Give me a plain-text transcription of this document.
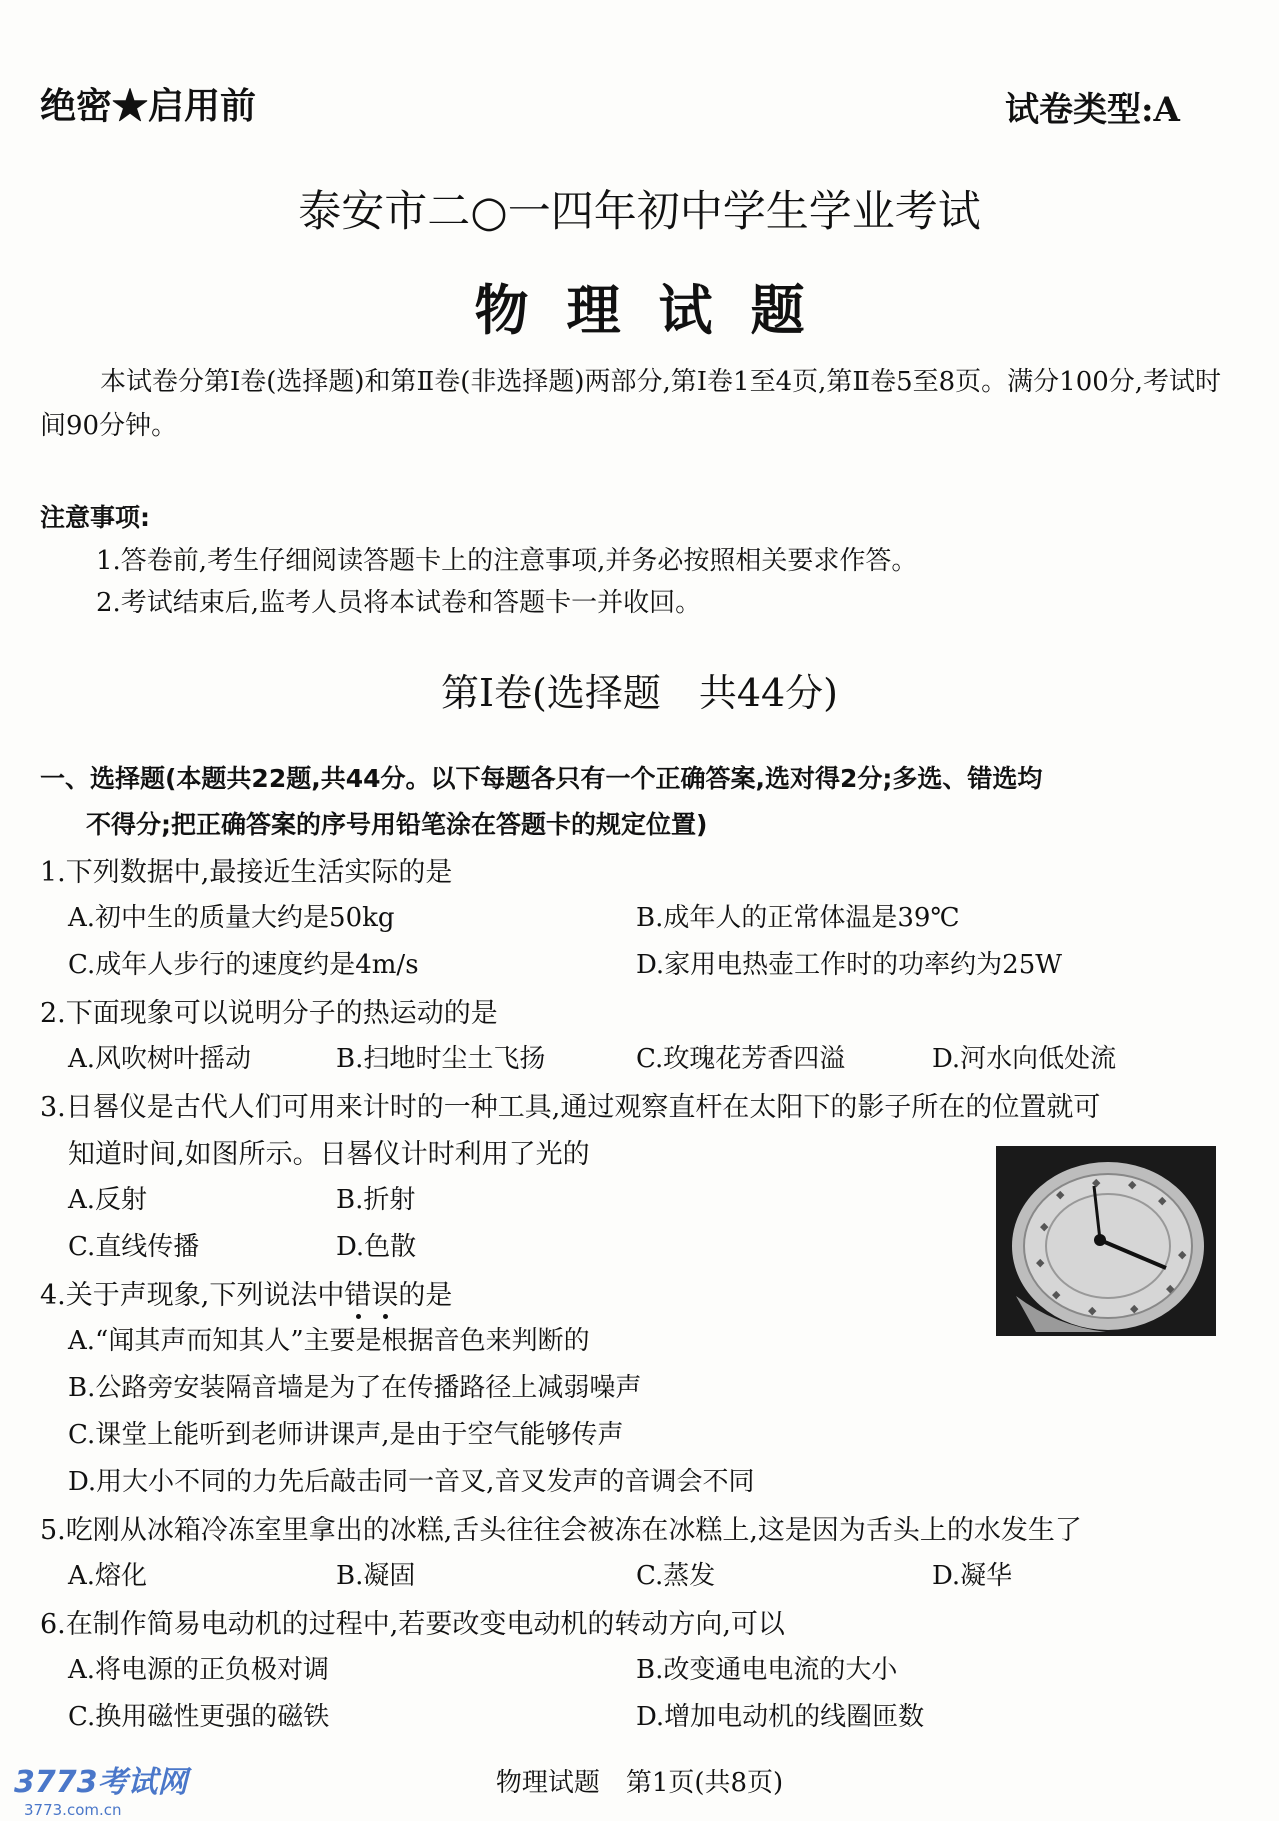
绝密★启用前	试卷类型:A
泰安市二○一四年初中学生学业考试
物理试题
本试卷分第Ⅰ卷(选择题)和第Ⅱ卷(非选择题)两部分,第Ⅰ卷1至4页,第Ⅱ卷5至8页。满分100分,考试时间90分钟。
注意事项:
1.答卷前,考生仔细阅读答题卡上的注意事项,并务必按照相关要求作答。
2.考试结束后,监考人员将本试卷和答题卡一并收回。
第Ⅰ卷(选择题　共44分)
一、选择题(本题共22题,共44分。以下每题各只有一个正确答案,选对得2分;多选、错选均
不得分;把正确答案的序号用铅笔涂在答题卡的规定位置)
1.下列数据中,最接近生活实际的是
A.初中生的质量大约是50kg	B.成年人的正常体温是39℃
C.成年人步行的速度约是4m/s	D.家用电热壶工作时的功率约为25W
2.下面现象可以说明分子的热运动的是
A.风吹树叶摇动	B.扫地时尘土飞扬	C.玫瑰花芳香四溢	D.河水向低处流
3.日晷仪是古代人们可用来计时的一种工具,通过观察直杆在太阳下的影子所在的位置就可
知道时间,如图所示。日晷仪计时利用了光的
A.反射	B.折射
C.直线传播	D.色散
◆
◆	◆
◆
◆
◆
◆
◆	◆
◆
◆
4.关于声现象,下列说法中错误的是
A.“闻其声而知其人”主要是根据音色来判断的
B.公路旁安装隔音墙是为了在传播路径上减弱噪声
C.课堂上能听到老师讲课声,是由于空气能够传声
D.用大小不同的力先后敲击同一音叉,音叉发声的音调会不同
5.吃刚从冰箱冷冻室里拿出的冰糕,舌头往往会被冻在冰糕上,这是因为舌头上的水发生了
A.熔化	B.凝固	C.蒸发	D.凝华
6.在制作简易电动机的过程中,若要改变电动机的转动方向,可以
A.将电源的正负极对调	B.改变通电电流的大小
C.换用磁性更强的磁铁	D.增加电动机的线圈匝数
物理试题　第1页(共8页)
3773考试网
3773.com.cn
